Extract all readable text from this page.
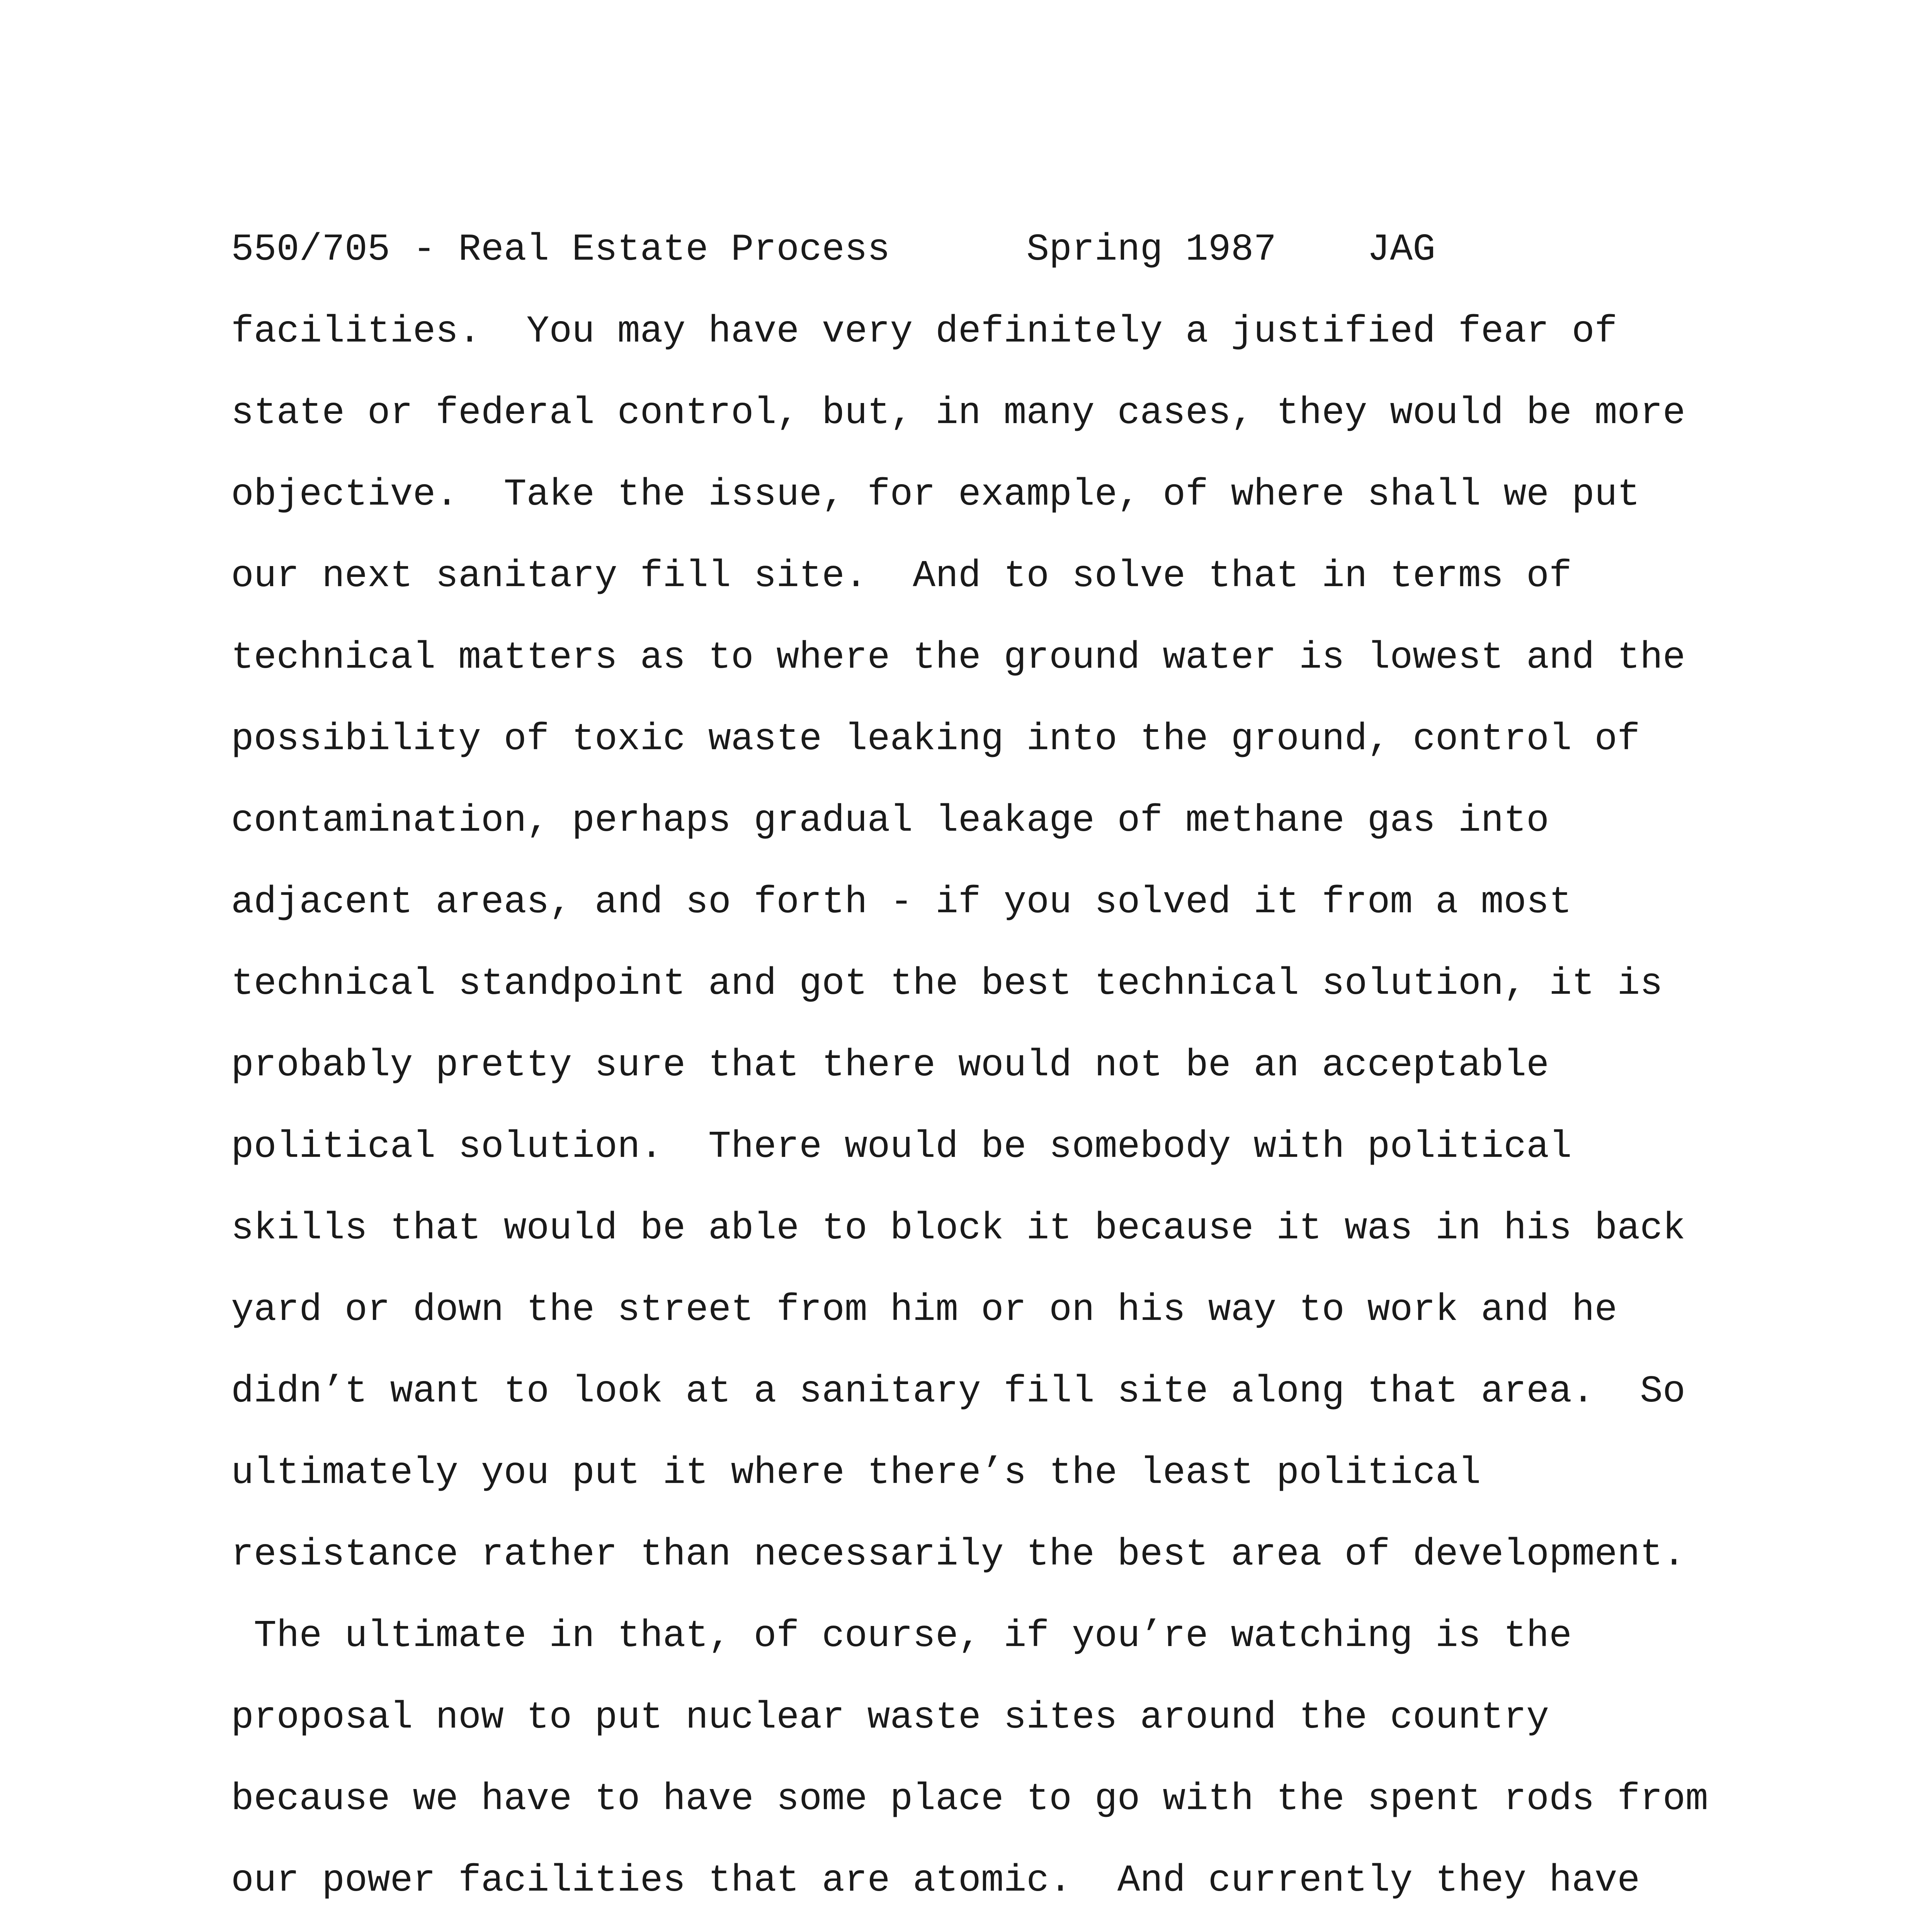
550/705 - Real Estate Process      Spring 1987    JAG

facilities.  You may have very definitely a justified fear of

state or federal control, but, in many cases, they would be more

objective.  Take the issue, for example, of where shall we put

our next sanitary fill site.  And to solve that in terms of

technical matters as to where the ground water is lowest and the

possibility of toxic waste leaking into the ground, control of

contamination, perhaps gradual leakage of methane gas into

adjacent areas, and so forth - if you solved it from a most

technical standpoint and got the best technical solution, it is

probably pretty sure that there would not be an acceptable

political solution.  There would be somebody with political

skills that would be able to block it because it was in his back

yard or down the street from him or on his way to work and he

didn’t want to look at a sanitary fill site along that area.  So

ultimately you put it where there’s the least political

resistance rather than necessarily the best area of development.

The ultimate in that, of course, if you’re watching is the

proposal now to put nuclear waste sites around the country

because we have to have some place to go with the spent rods from

our power facilities that are atomic.  And currently they have
